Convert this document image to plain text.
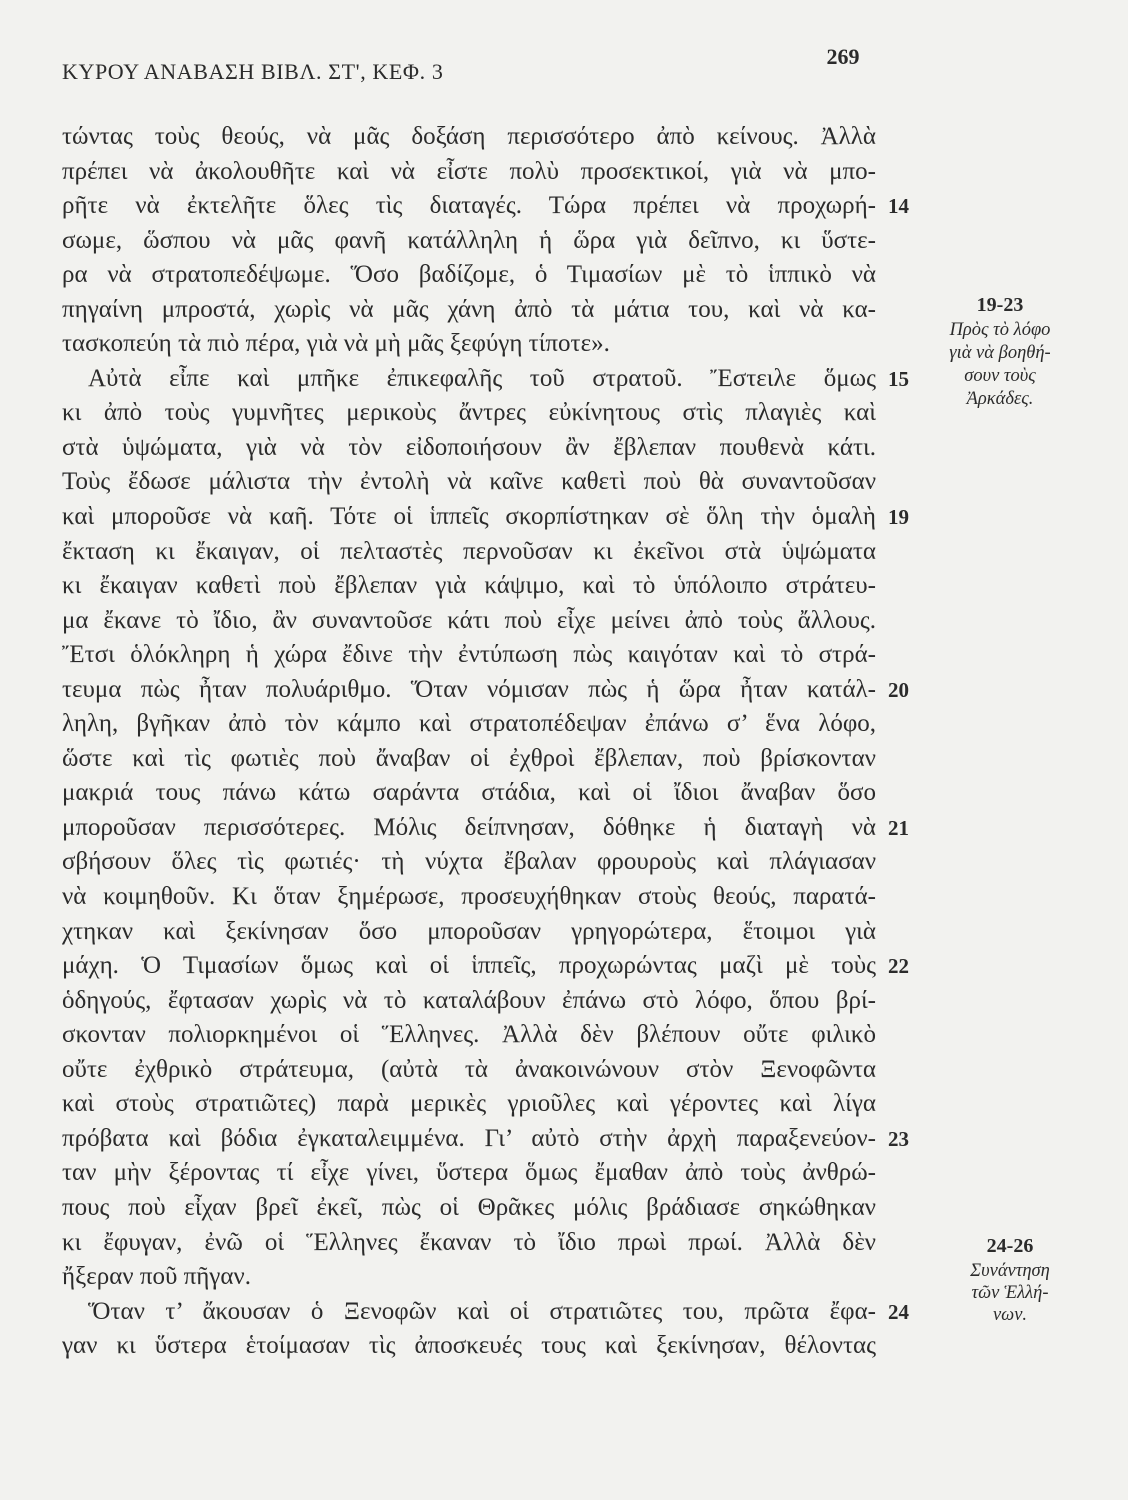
ΚΥΡΟΥ ΑΝΑΒΑΣΗ ΒΙΒΛ. ΣΤ', ΚΕΦ. 3
269
τώντας τοὺς θεούς, νὰ μᾶς δοξάση περισσότερο ἀπὸ κείνους. Ἀλλὰ
πρέπει νὰ ἀκολουθῆτε καὶ νὰ εἶστε πολὺ προσεκτικοί, γιὰ νὰ μπο-
ρῆτε νὰ ἐκτελῆτε ὅλες τὶς διαταγές. Τώρα πρέπει νὰ προχωρή- 14
σωμε, ὥσπου νὰ μᾶς φανῆ κατάλληλη ἡ ὥρα γιὰ δεῖπνο, κι ὕστε-
ρα νὰ στρατοπεδέψωμε. Ὅσο βαδίζομε, ὁ Τιμασίων μὲ τὸ ἱππικὸ νὰ
πηγαίνη μπροστά, χωρὶς νὰ μᾶς χάνη ἀπὸ τὰ μάτια του, καὶ νὰ κα-
τασκοπεύη τὰ πιὸ πέρα, γιὰ νὰ μὴ μᾶς ξεφύγη τίποτε».
Αὐτὰ εἶπε καὶ μπῆκε ἐπικεφαλῆς τοῦ στρατοῦ. Ἔστειλε ὅμως 15
κι ἀπὸ τοὺς γυμνῆτες μερικοὺς ἄντρες εὐκίνητους στὶς πλαγιὲς καὶ
στὰ ὑψώματα, γιὰ νὰ τὸν εἰδοποιήσουν ἂν ἔβλεπαν πουθενὰ κάτι.
Τοὺς ἔδωσε μάλιστα τὴν ἐντολὴ νὰ καῖνε καθετὶ ποὺ θὰ συναντοῦσαν
καὶ μποροῦσε νὰ καῆ. Τότε οἱ ἱππεῖς σκορπίστηκαν σὲ ὅλη τὴν ὁμαλὴ 19
ἔκταση κι ἔκαιγαν, οἱ πελταστὲς περνοῦσαν κι ἐκεῖνοι στὰ ὑψώματα
κι ἔκαιγαν καθετὶ ποὺ ἔβλεπαν γιὰ κάψιμο, καὶ τὸ ὑπόλοιπο στράτευ-
μα ἔκανε τὸ ἴδιο, ἂν συναντοῦσε κάτι ποὺ εἶχε μείνει ἀπὸ τοὺς ἄλλους.
Ἔτσι ὁλόκληρη ἡ χώρα ἔδινε τὴν ἐντύπωση πὼς καιγόταν καὶ τὸ στρά-
τευμα πὼς ἦταν πολυάριθμο. Ὅταν νόμισαν πὼς ἡ ὥρα ἦταν κατάλ- 20
ληλη, βγῆκαν ἀπὸ τὸν κάμπο καὶ στρατοπέδεψαν ἐπάνω σ’ ἕνα λόφο,
ὥστε καὶ τὶς φωτιὲς ποὺ ἄναβαν οἱ ἐχθροὶ ἔβλεπαν, ποὺ βρίσκονταν
μακριά τους πάνω κάτω σαράντα στάδια, καὶ οἱ ἴδιοι ἄναβαν ὅσο
μποροῦσαν περισσότερες. Μόλις δείπνησαν, δόθηκε ἡ διαταγὴ νὰ 21
σβήσουν ὅλες τὶς φωτιές· τὴ νύχτα ἔβαλαν φρουροὺς καὶ πλάγιασαν
νὰ κοιμηθοῦν. Κι ὅταν ξημέρωσε, προσευχήθηκαν στοὺς θεούς, παρατά-
χτηκαν καὶ ξεκίνησαν ὅσο μποροῦσαν γρηγορώτερα, ἕτοιμοι γιὰ
μάχη. Ὁ Τιμασίων ὅμως καὶ οἱ ἱππεῖς, προχωρώντας μαζὶ μὲ τοὺς 22
ὁδηγούς, ἔφτασαν χωρὶς νὰ τὸ καταλάβουν ἐπάνω στὸ λόφο, ὅπου βρί-
σκονταν πολιορκημένοι οἱ Ἕλληνες. Ἀλλὰ δὲν βλέπουν οὔτε φιλικὸ
οὔτε ἐχθρικὸ στράτευμα, (αὐτὰ τὰ ἀνακοινώνουν στὸν Ξενοφῶντα
καὶ στοὺς στρατιῶτες) παρὰ μερικὲς γριοῦλες καὶ γέροντες καὶ λίγα
πρόβατα καὶ βόδια ἐγκαταλειμμένα. Γι’ αὐτὸ στὴν ἀρχὴ παραξενεύον- 23
ταν μὴν ξέροντας τί εἶχε γίνει, ὕστερα ὅμως ἔμαθαν ἀπὸ τοὺς ἀνθρώ-
πους ποὺ εἶχαν βρεῖ ἐκεῖ, πὼς οἱ Θρᾶκες μόλις βράδιασε σηκώθηκαν
κι ἔφυγαν, ἐνῶ οἱ Ἕλληνες ἔκαναν τὸ ἴδιο πρωὶ πρωί. Ἀλλὰ δὲν
ἤξεραν ποῦ πῆγαν.
Ὅταν τ’ ἄκουσαν ὁ Ξενοφῶν καὶ οἱ στρατιῶτες του, πρῶτα ἔφα- 24
γαν κι ὕστερα ἑτοίμασαν τὶς ἀποσκευές τους καὶ ξεκίνησαν, θέλοντας
19-23
Πρὸς τὸ λόφο
γιὰ νὰ βοηθή-
σουν τοὺς
Ἀρκάδες.
24-26
Συνάντηση
τῶν Ἑλλή-
νων.
